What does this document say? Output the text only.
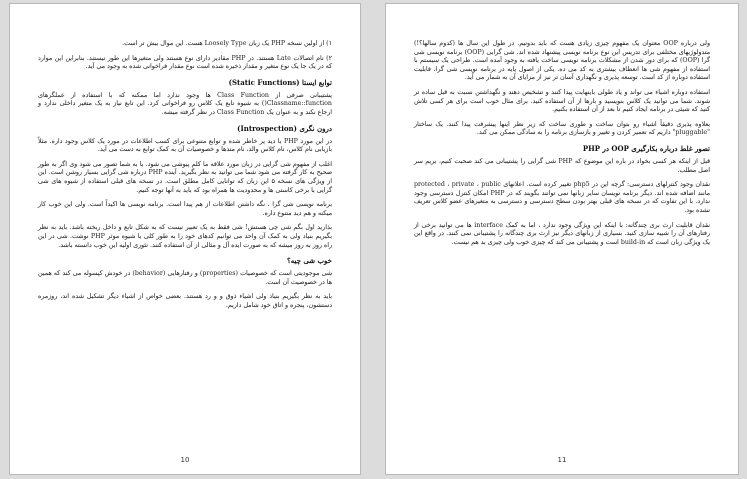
۱) از اولین نسخه PHP یک زبان Loosely Type هست. این موال بیش تر است.

۲) نام اتصالات Late هستند. در PHP مقادیر دارای نوع هستند ولی متغیرها این طور نیستند. بنابراین این موارد که در یک جا یک نوع متغیر و مقدار ذخیره شده است نوع مقدار فراخوانی شده به وجود می آید.

توابع ایستا (Static Functions)

پشتیبانی صرفی از Class Function ها وجود ندارد اما ممکنه که با استفاده از عملگرهای Classname::function() به شیوه تابع یک کلاس رو فراخوانی کرد. این تابع نیاز به یک متغیر داخلی ندارد و ارجاع نکند و به عنوان یک Class Function در نظر گرفته میشه.

درون نگری (Introspection)

در این مورد PHP با دید پر خاطر شده و توابع متنوعی برای کسب اطلاعات در مورد یک کلاس وجود داره. مثلاً بازیابی نام کلاس، نام کلاس والد، نام متدها و خصوصیات آن به کمک توابع به دست می آید.

اغلب از مفهوم شی گرایی در زبان مورد علاقه ما کلم پیوشی می شود. با به شما تصور می شود وی اگر به طور صحیح به کار گرفته می شود شما می توانید به نظر بگیرید. آینده PHP درباره شی گرایی بسیار روشن است. این از ویژگی های نسخه ۵ این زبان که توانایی کامل مطلق است. در نسخه های قبلی استفاده از شیوه های شی گرایی با برخی کاستی ها و محدودیت ها همراه بود که باید به آنها توجه کنیم.

برنامه نویسی شی گرا ، نگه داشتن اطلاعات از هم پیدا است. برنامه نویسی ها اکیداً است. ولی این خوب کار میکنه و هم دید متنوع داره.

بذارید اول بگم شی چی هستش! شی فقط به یک تعبیر نیست که به شکل تابع و داخل ریخته باشد. باید به نظر بگیریم بنیاد ولی به کمک آن واحد می توانیم کدهای خود را به طور کلی با شیوه موثر PHP نوشت. شی در این راه روز به روز میشه که به صورت ایده آل و مثالی از آن استفاده کنند. تئوری اولیه این خوب دانسته باشد.

خوب شی چیه؟

شی موجودیتی است که خصوصیات (properties) و رفتارهایی (behavior) در خودش کپسوله می کند که همین ها در خصوصیت آن است.

باید به نظر بگیریم بنیاد ولی اشیاء ذوق و و رد هستند. بعضی خواص از اشیاء دیگر تشکیل شده اند، روزمره دستشون، پنجره و اتاق خود شامل داریم.

10

ولی درباره OOP معتوان یک مفهوم چیزی زیادی هست که باید بدونیم. در طول این سال ها (کدوم سالها؟!) متدولوژیهای مختلفی برای تدریس این نوع برنامه نویسی پیشنهاد شده اند. شی گرایی (OOP) برنامه نویسی شی گرا (OOP) که برای دور شدن از مشکلات برنامه نویسی ساخت یافته به وجود آمده است. طراحی یک سیستم با استفاده از مفهوم شی ها انعطاف بیشتری به کد می ده. یکی از اصول پایه در برنامه نویسی شی گرا، قابلیت استفاده دوباره از کد است. توسعه پذیری و نگهداری آسان تر نیز از مزایای آن به شمار می آید.

استفاده دوباره اشیاء می تواند و یاد طولی باینهایت پیدا کنند و تشخیص دهند و نگهداشتن نسبت به قبل ساده تر شوند. شما می توانید یک کلاس بنویسید و بارها از آن استفاده کنید. برای مثال خوب است برای هر کسی تلاش کنید که شیئی در برنامه ایجاد کنیم تا بعد از آن استفاده بکنیم.

بعلاوه پذیری دقیقاً اشیاء رو بتوان ساخت و طوری ساخت که زیر نظر اینها پیشرفت پیدا کنند. یک ساختار "pluggable" داریم که تعمیر کردن و تغییر و بازسازی برنامه را به سادگی ممکن می کند.

تصور غلط درباره بکارگیری OOP در PHP

قبل از اینکه هر کسی بخواد در باره این موضوع که PHP شی گرایی را پشتیبانی می کند صحبت کنیم، بریم سر اصل مطلب.

نقدان وجود کنترلهای دسترسی: گرچه این در php5 تغییر کرده است. اعلانهای protected ، private ، public مانند اضافه شده اند. دیگر برنامه نویسان سایر زبانها نمی توانند بگویند که در PHP امکان کنترل دسترسی وجود ندارد. با این تفاوت که در نسخه های قبلی بهتر بودن سطح دسترسی و دسترسی به متغیرهای عضو کلاس تعریف نشده بود.

نقدان قابلیت ارث بری چندگانه: با اینکه این ویژگی وجود ندارد ، اما به کمک interface ها می توانید برخی از رفتارهای آن را شبیه سازی کنید. بسیاری از زبانهای دیگر نیز ارث بری چندگانه را پشتیبانی نمی کنند. در واقع این یک ویژگی زبان است که build-in است و پشتیبانی می کند که چیزی خوب ولی چیزی بد هم نیست.

11
